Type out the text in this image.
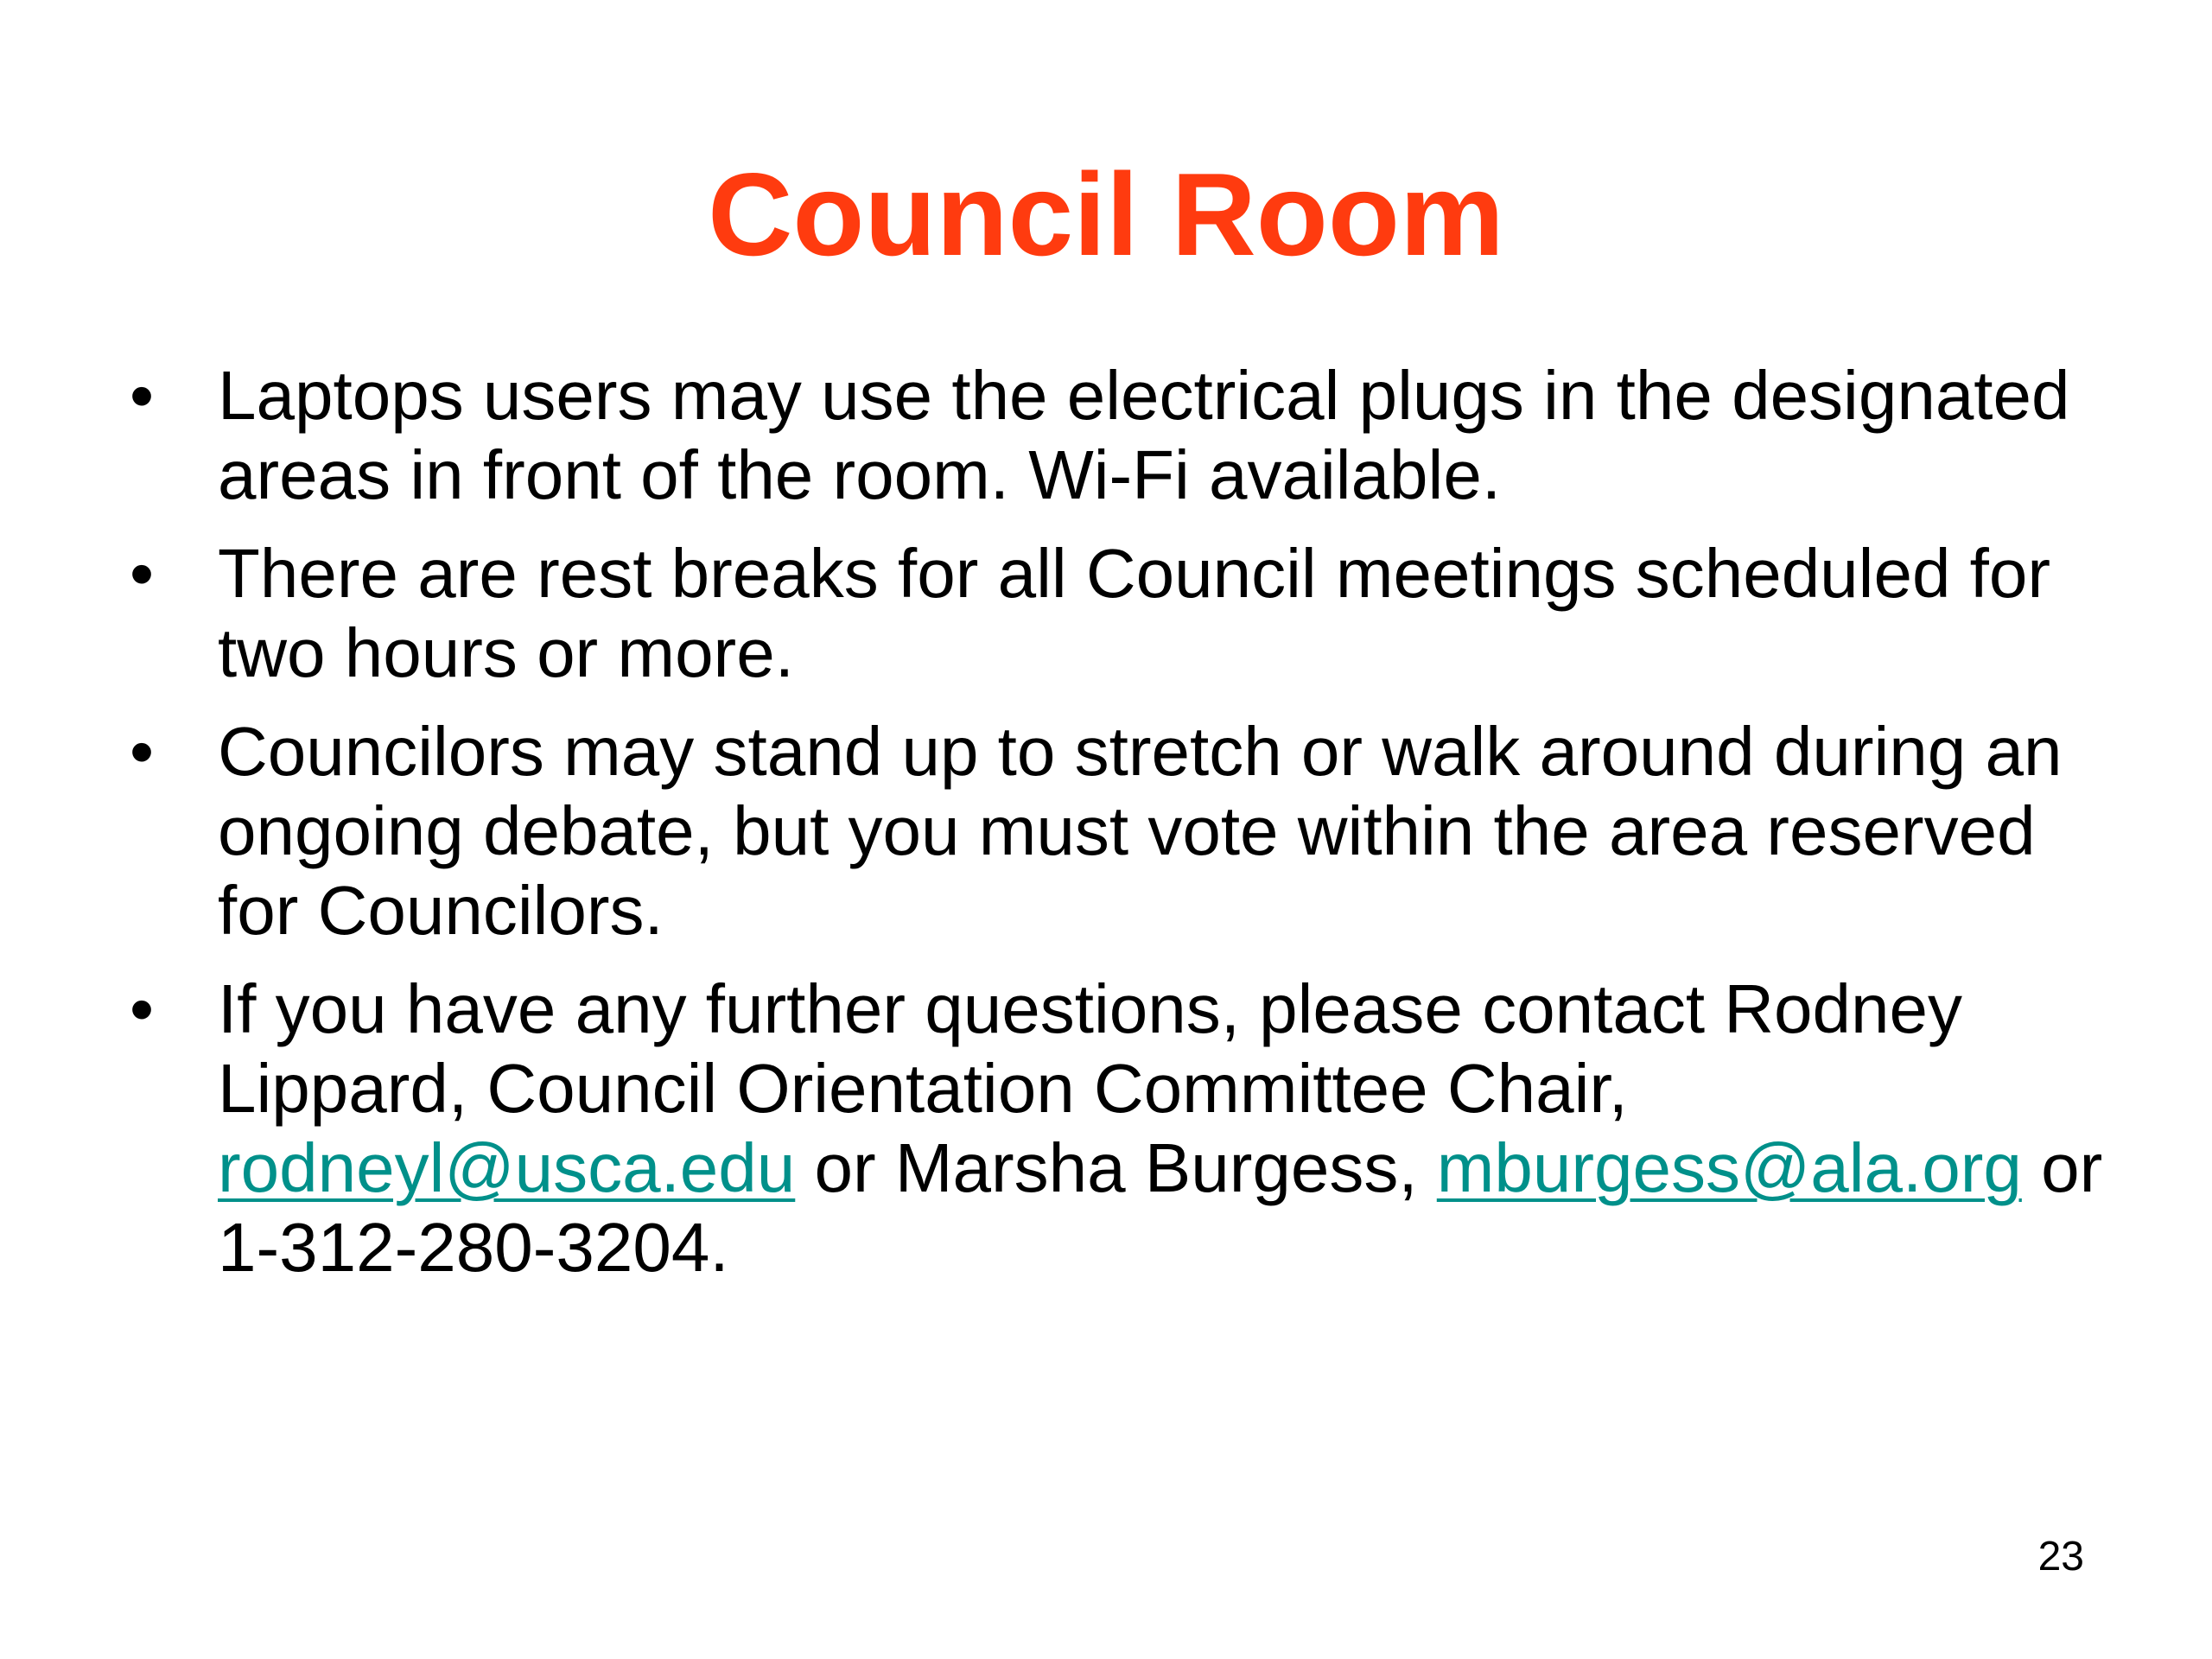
Council Room
• Laptops users may use the electrical plugs in the designated areas in front of the room. Wi-Fi available.
• There are rest breaks for all Council meetings scheduled for two hours or more.
• Councilors may stand up to stretch or walk around during an ongoing debate, but you must vote within the area reserved for Councilors.
• If you have any further questions, please contact Rodney Lippard, Council Orientation Committee Chair, rodneyl@usca.edu or Marsha Burgess, mburgess@ala.org or 1-312-280-3204.
23
